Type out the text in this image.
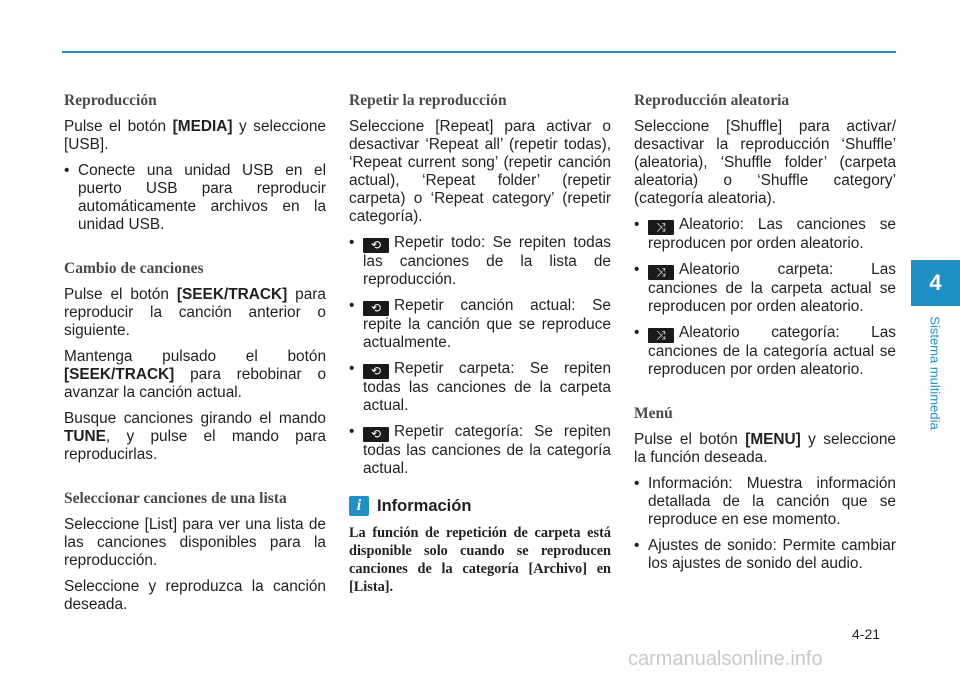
Reproducción

Pulse el botón [MEDIA] y seleccione [USB].

• Conecte una unidad USB en el puerto USB para reproducir automáticamente archivos en la unidad USB.
Cambio de canciones

Pulse el botón [SEEK/TRACK] para reproducir la canción anterior o siguiente.

Mantenga pulsado el botón [SEEK/TRACK] para rebobinar o avanzar la canción actual.

Busque canciones girando el mando TUNE, y pulse el mando para reproducirlas.

Seleccionar canciones de una lista

Seleccione [List] para ver una lista de las canciones disponibles para la reproducción.

Seleccione y reproduzca la canción deseada.

Repetir la reproducción

Seleccione [Repeat] para activar o desactivar ‘Repeat all’ (repetir todas), ‘Repeat current song’ (repetir canción actual), ‘Repeat folder’ (repetir carpeta) o ‘Repeat category’ (repetir categoría).

• ⟲ Repetir todo: Se repiten todas las canciones de la lista de reproducción.
• ⟲ Repetir canción actual: Se repite la canción que se reproduce actualmente.
• ⟲ Repetir carpeta: Se repiten todas las canciones de la carpeta actual.
• ⟲ Repetir categoría: Se repiten todas las canciones de la categoría actual.
i Información

La función de repetición de carpeta está disponible solo cuando se reproducen canciones de la categoría [Archivo] en [Lista].

Reproducción aleatoria

Seleccione [Shuffle] para activar/ desactivar la reproducción ‘Shuffle’ (aleatoria), ‘Shuffle folder’ (carpeta aleatoria) o ‘Shuffle category’ (categoría aleatoria).

• ⤨ Aleatorio: Las canciones se reproducen por orden aleatorio.
• ⤨ Aleatorio carpeta: Las canciones de la carpeta actual se reproducen por orden aleatorio.
• ⤨ Aleatorio categoría: Las canciones de la categoría actual se reproducen por orden aleatorio.
Menú

Pulse el botón [MENU] y seleccione la función deseada.

• Información: Muestra información detallada de la canción que se reproduce en ese momento.
• Ajustes de sonido: Permite cambiar los ajustes de sonido del audio.
4
Sistema multimedia
4-21
carmanualsonline.info
